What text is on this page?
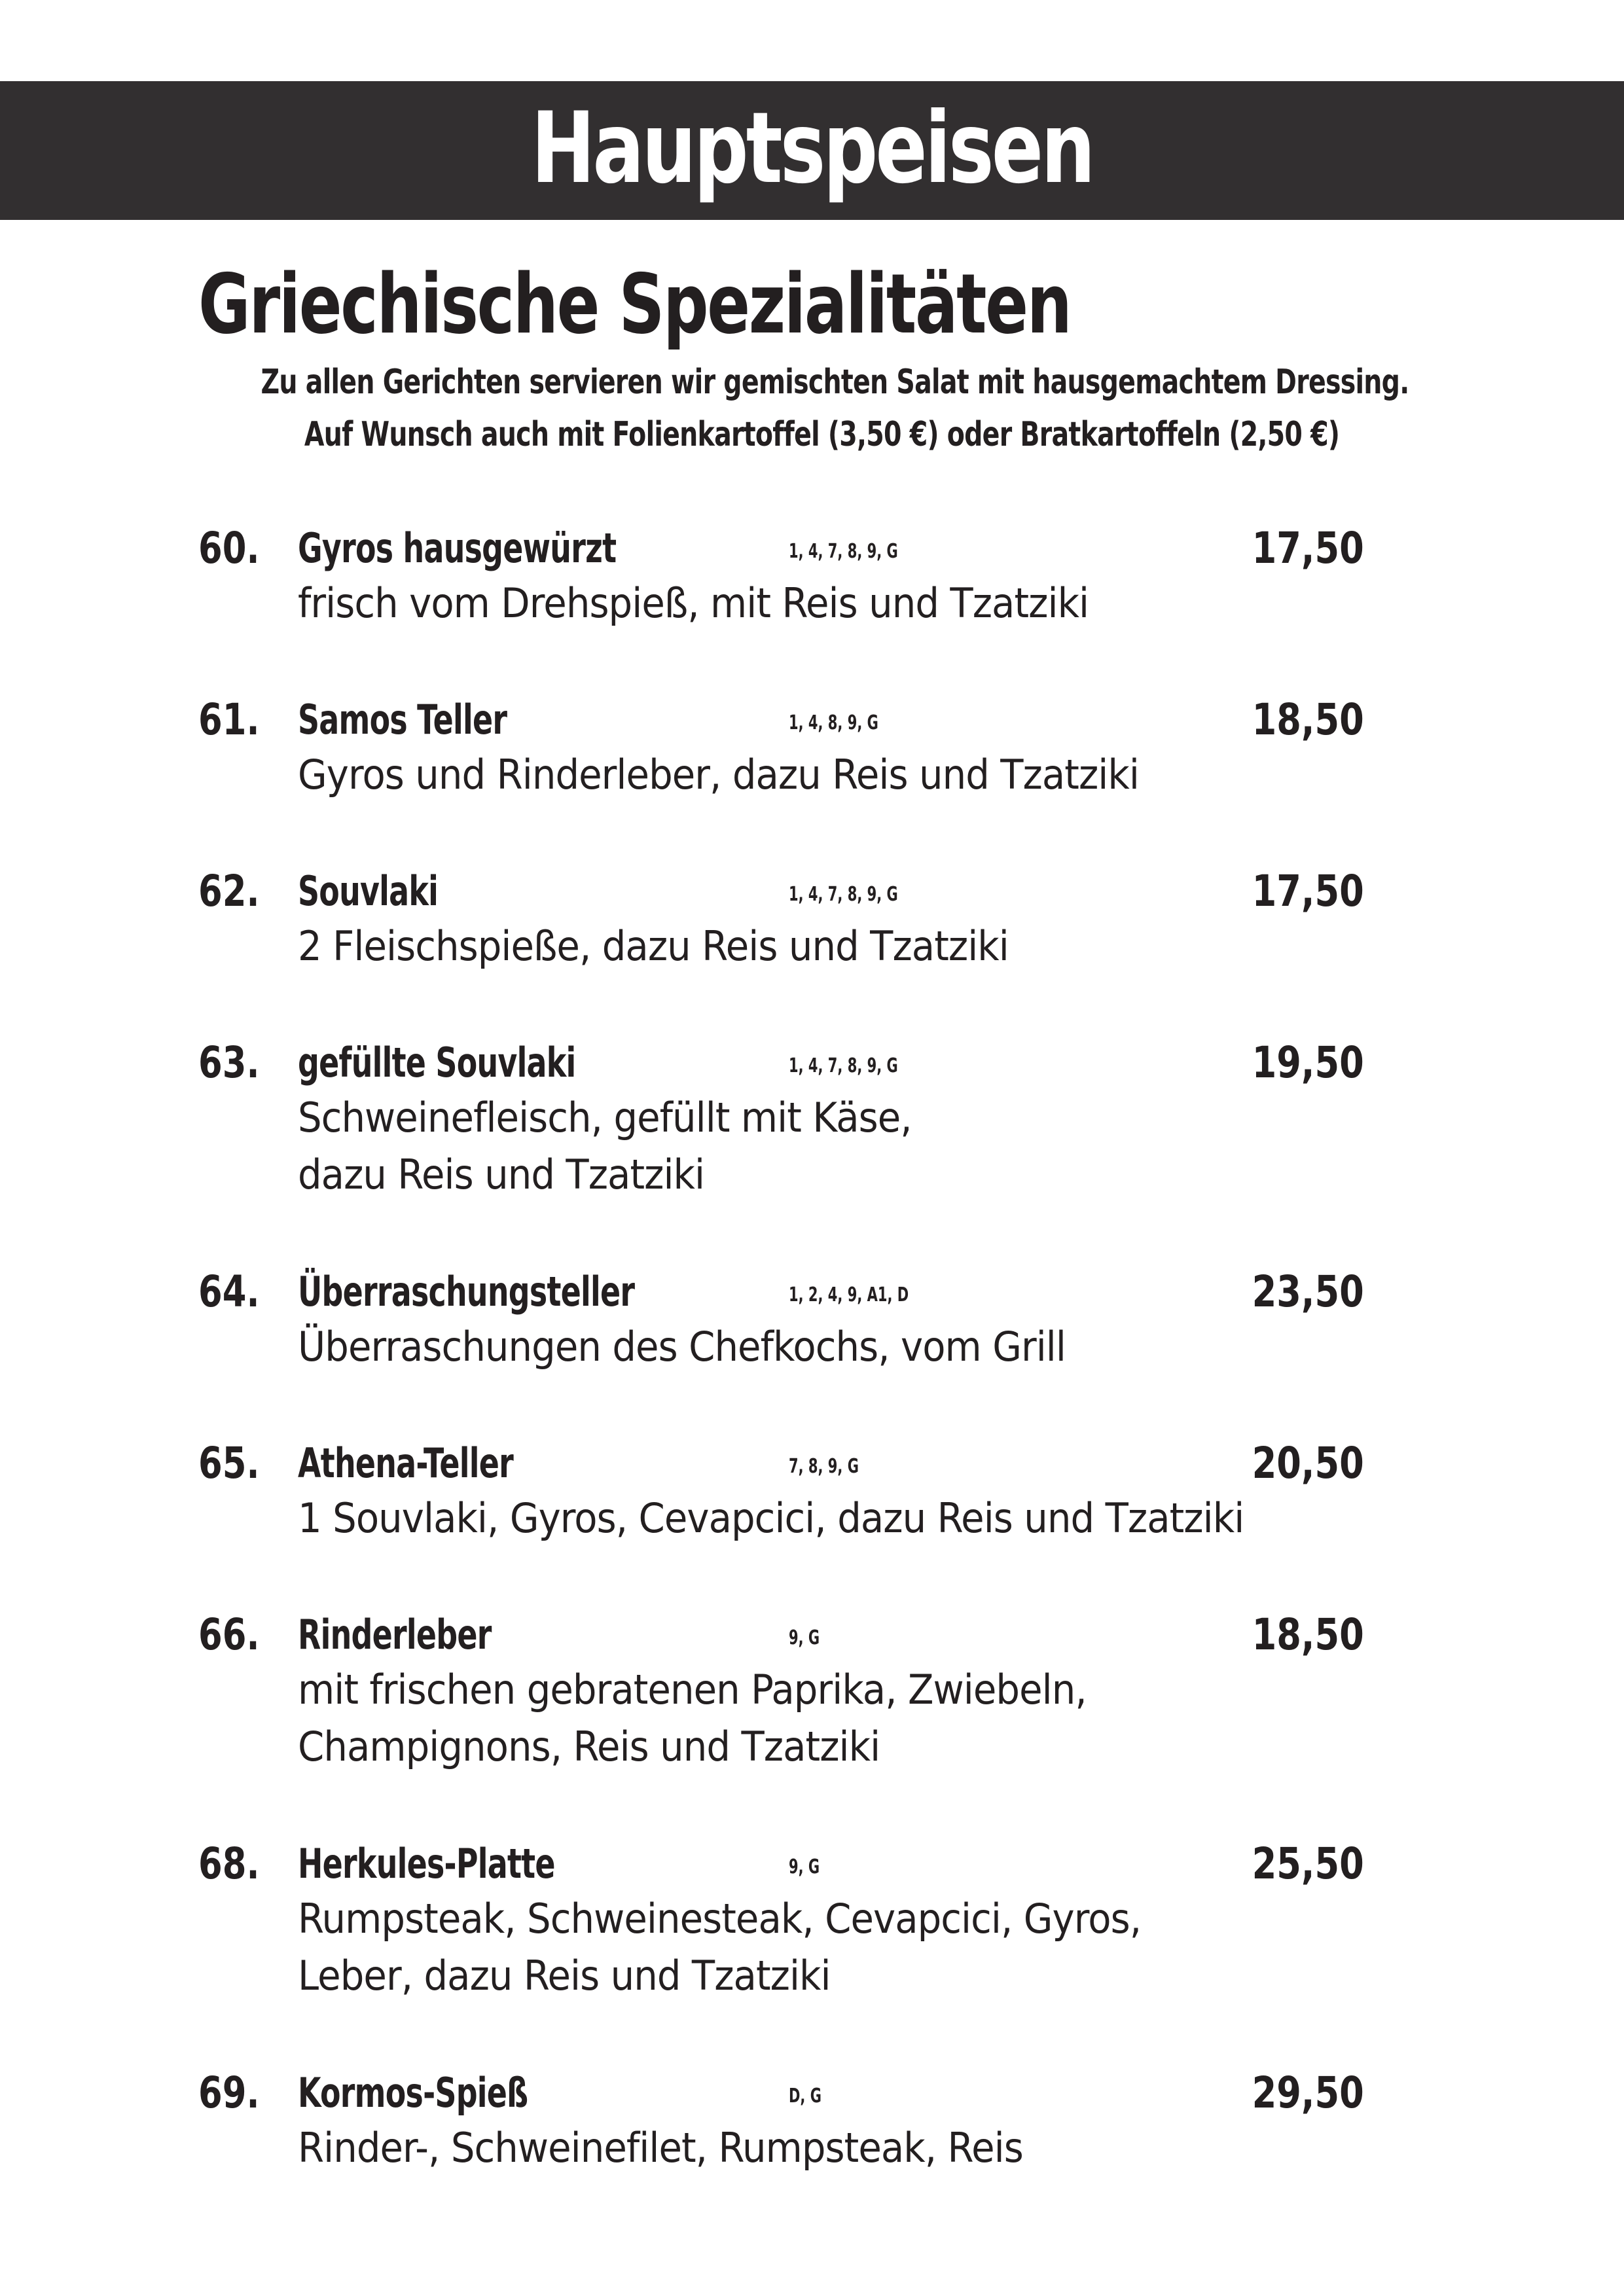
Hauptspeisen
Griechische Spezialitäten
Zu allen Gerichten servieren wir gemischten Salat mit hausgemachtem Dressing.
Auf Wunsch auch mit Folienkartoffel (3,50 €) oder Bratkartoffeln (2,50 €)
60. Gyros hausgewürzt	1, 4, 7, 8, 9, G	17,50
frisch vom Drehspieß, mit Reis und Tzatziki
61. Samos Teller	1, 4, 8, 9, G	18,50
Gyros und Rinderleber, dazu Reis und Tzatziki
62. Souvlaki	1, 4, 7, 8, 9, G	17,50
2 Fleischspieße, dazu Reis und Tzatziki
63. gefüllte Souvlaki	1, 4, 7, 8, 9, G	19,50
Schweinefleisch, gefüllt mit Käse,
dazu Reis und Tzatziki
64. Überraschungsteller	1, 2, 4, 9, A1, D	23,50
Überraschungen des Chefkochs, vom Grill
65. Athena-Teller	7, 8, 9, G	20,50
1 Souvlaki, Gyros, Cevapcici, dazu Reis und Tzatziki
66. Rinderleber	9, G	18,50
mit frischen gebratenen Paprika, Zwiebeln,
Champignons, Reis und Tzatziki
68. Herkules-Platte	9, G	25,50
Rumpsteak, Schweinesteak, Cevapcici, Gyros,
Leber, dazu Reis und Tzatziki
69. Kormos-Spieß	D, G	29,50
Rinder-, Schweinefilet, Rumpsteak, Reis
